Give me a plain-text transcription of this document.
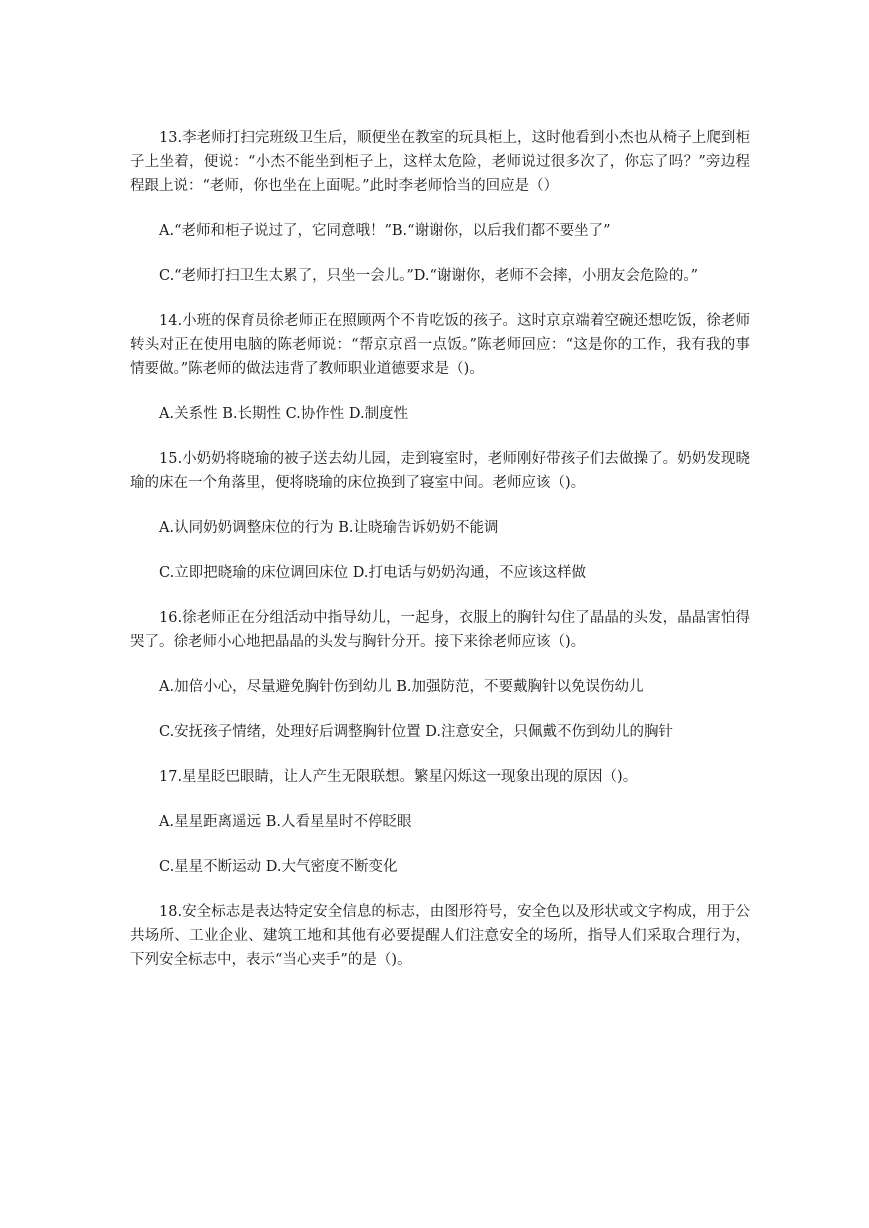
13.李老师打扫完班级卫生后，顺便坐在教室的玩具柜上，这时他看到小杰也从椅子上爬到柜子上坐着，便说：“小杰不能坐到柜子上，这样太危险，老师说过很多次了，你忘了吗？”旁边程程跟上说：“老师，你也坐在上面呢。”此时李老师恰当的回应是（）

A.“老师和柜子说过了，它同意哦！”B.“谢谢你，以后我们都不要坐了”

C.“老师打扫卫生太累了，只坐一会儿。”D.“谢谢你，老师不会摔，小朋友会危险的。”

14.小班的保育员徐老师正在照顾两个不肯吃饭的孩子。这时京京端着空碗还想吃饭，徐老师转头对正在使用电脑的陈老师说：“帮京京舀一点饭。”陈老师回应：“这是你的工作，我有我的事情要做。”陈老师的做法违背了教师职业道德要求是（)。

A.关系性 B.长期性 C.协作性 D.制度性

15.小奶奶将晓瑜的被子送去幼儿园，走到寝室时，老师刚好带孩子们去做操了。奶奶发现晓瑜的床在一个角落里，便将晓瑜的床位换到了寝室中间。老师应该（)。

A.认同奶奶调整床位的行为 B.让晓瑜告诉奶奶不能调

C.立即把晓瑜的床位调回床位 D.打电话与奶奶沟通，不应该这样做

16.徐老师正在分组活动中指导幼儿，一起身，衣服上的胸针勾住了晶晶的头发，晶晶害怕得哭了。徐老师小心地把晶晶的头发与胸针分开。接下来徐老师应该（)。

A.加倍小心，尽量避免胸针伤到幼儿 B.加强防范，不要戴胸针以免误伤幼儿

C.安抚孩子情绪，处理好后调整胸针位置 D.注意安全，只佩戴不伤到幼儿的胸针

17.星星眨巴眼睛，让人产生无限联想。繁星闪烁这一现象出现的原因（)。

A.星星距离遥远 B.人看星星时不停眨眼

C.星星不断运动 D.大气密度不断变化

18.安全标志是表达特定安全信息的标志，由图形符号，安全色以及形状或文字构成，用于公共场所、工业企业、建筑工地和其他有必要提醒人们注意安全的场所，指导人们采取合理行为，下列安全标志中，表示“当心夹手”的是（)。
